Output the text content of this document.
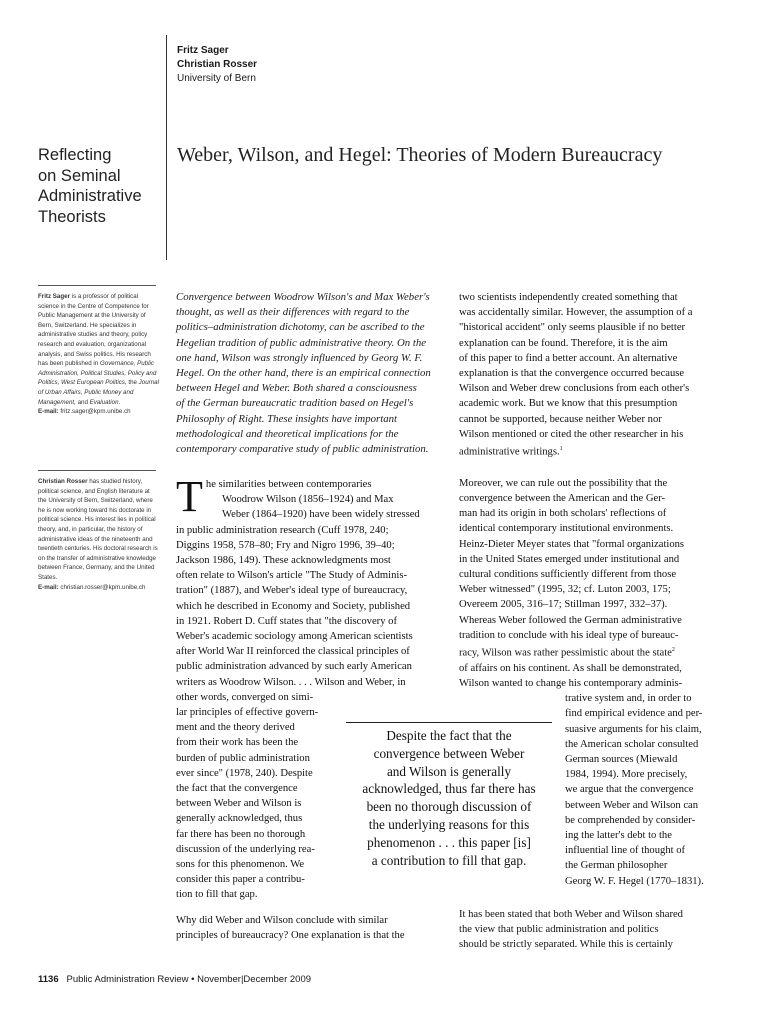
Fritz Sager
Christian Rosser
University of Bern
Reflecting
on Seminal
Administrative
Theorists
Weber, Wilson, and Hegel: Theories of Modern Bureaucracy
Fritz Sager is a professor of political science in the Centre of Competence for Public Management at the University of Bern, Switzerland. He specializes in administrative studies and theory, policy research and evaluation, organizational analysis, and Swiss politics. His research has been published in Governance, Public Administration, Political Studies, Policy and Politics, West European Politics, the Journal of Urban Affairs, Public Money and Management, and Evaluation.
E-mail: fritz.sager@kpm.unibe.ch
Christian Rosser has studied history, political science, and English literature at the University of Bern, Switzerland, where he is now working toward his doctorate in political science. His interest lies in political theory, and, in particular, the history of administrative ideas of the nineteenth and twentieth centuries. His doctoral research is on the transfer of administrative knowledge between France, Germany, and the United States.
E-mail: christian.rosser@kpm.unibe.ch
Convergence between Woodrow Wilson's and Max Weber's
thought, as well as their differences with regard to the
politics–administration dichotomy, can be ascribed to the
Hegelian tradition of public administrative theory. On the
one hand, Wilson was strongly influenced by Georg W. F.
Hegel. On the other hand, there is an empirical connection
between Hegel and Weber. Both shared a consciousness
of the German bureaucratic tradition based on Hegel's
Philosophy of Right. These insights have important
methodological and theoretical implications for the
contemporary comparative study of public administration.
T he similarities between contemporaries
Woodrow Wilson (1856–1924) and Max
Weber (1864–1920) have been widely stressed
in public administration research (Cuff 1978, 240;
Diggins 1958, 578–80; Fry and Nigro 1996, 39–40;
Jackson 1986, 149). These acknowledgments most
often relate to Wilson's article "The Study of Adminis-
tration" (1887), and Weber's ideal type of bureaucracy,
which he described in Economy and Society, published
in 1921. Robert D. Cuff states that "the discovery of
Weber's academic sociology among American scientists
after World War II reinforced the classical principles of
public administration advanced by such early American
writers as Woodrow Wilson. . . . Wilson and Weber, in
other words, converged on simi-
lar principles of effective govern-
ment and the theory derived
from their work has been the
burden of public administration
ever since" (1978, 240). Despite
the fact that the convergence
between Weber and Wilson is
generally acknowledged, thus
far there has been no thorough
discussion of the underlying rea-
sons for this phenomenon. We
consider this paper a contribu-
tion to fill that gap.
Why did Weber and Wilson conclude with similar
principles of bureaucracy? One explanation is that the
two scientists independently created something that
was accidentally similar. However, the assumption of a
"historical accident" only seems plausible if no better
explanation can be found. Therefore, it is the aim
of this paper to find a better account. An alternative
explanation is that the convergence occurred because
Wilson and Weber drew conclusions from each other's
academic work. But we know that this presumption
cannot be supported, because neither Weber nor
Wilson mentioned or cited the other researcher in his
administrative writings.$^1$
Moreover, we can rule out the possibility that the
convergence between the American and the Ger-
man had its origin in both scholars' reflections of
identical contemporary institutional environments.
Heinz-Dieter Meyer states that "formal organizations
in the United States emerged under institutional and
cultural conditions sufficiently different from those
Weber witnessed" (1995, 32; cf. Luton 2003, 175;
Overeem 2005, 316–17; Stillman 1997, 332–37).
Whereas Weber followed the German administrative
tradition to conclude with his ideal type of bureauc-
racy, Wilson was rather pessimistic about the state$^2$
of affairs on his continent. As shall be demonstrated,
Wilson wanted to change his contemporary adminis-
trative system and, in order to
find empirical evidence and per-
suasive arguments for his claim,
the American scholar consulted
German sources (Miewald
1984, 1994). More precisely,
we argue that the convergence
between Weber and Wilson can
be comprehended by consider-
ing the latter's debt to the
influential line of thought of
the German philosopher
Georg W. F. Hegel (1770–1831).
It has been stated that both Weber and Wilson shared
the view that public administration and politics
should be strictly separated. While this is certainly
Despite the fact that the
convergence between Weber
and Wilson is generally
acknowledged, thus far there has
been no thorough discussion of
the underlying reasons for this
phenomenon . . . this paper [is]
a contribution to fill that gap.
1136 Public Administration Review • November|December 2009
